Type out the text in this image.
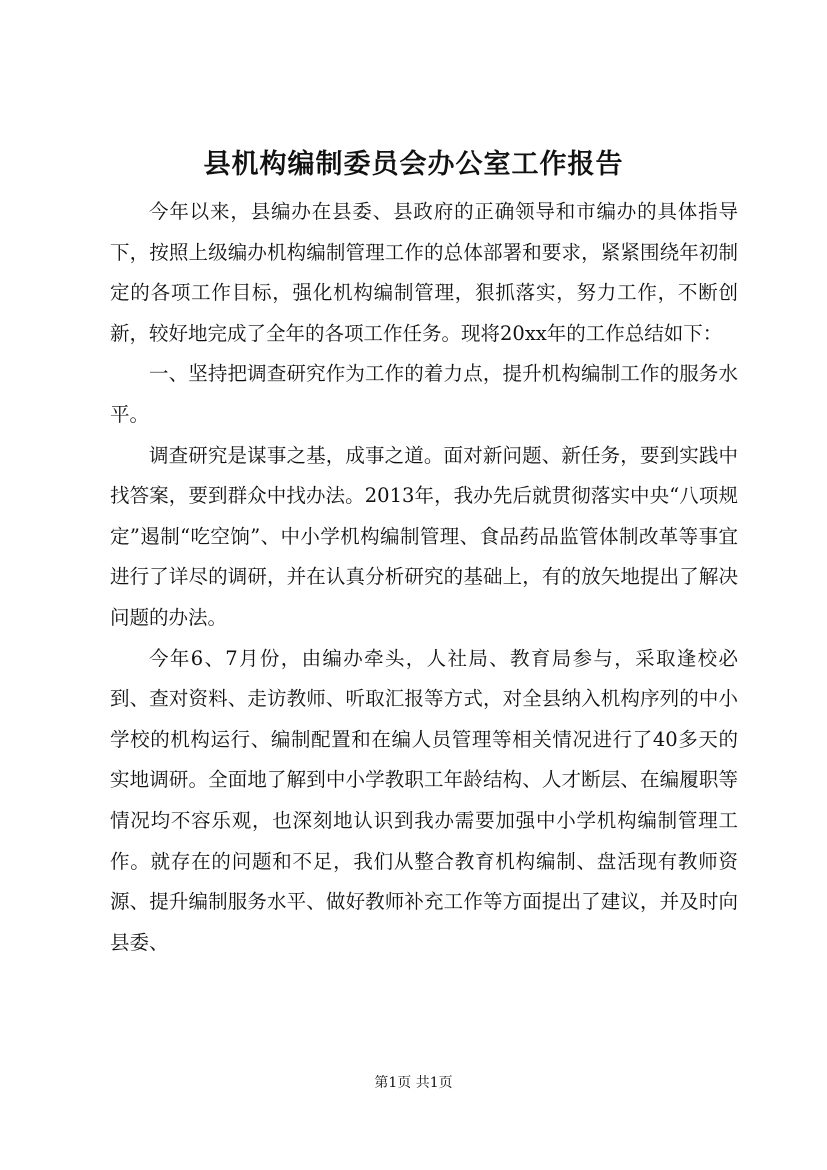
县机构编制委员会办公室工作报告

今年以来，县编办在县委、县政府的正确领导和市编办的具体指导下，按照上级编办机构编制管理工作的总体部署和要求，紧紧围绕年初制定的各项工作目标，强化机构编制管理，狠抓落实，努力工作，不断创新，较好地完成了全年的各项工作任务。现将20xx年的工作总结如下：

一、坚持把调查研究作为工作的着力点，提升机构编制工作的服务水平。

调查研究是谋事之基，成事之道。面对新问题、新任务，要到实践中找答案，要到群众中找办法。2013年，我办先后就贯彻落实中央“八项规定”遏制“吃空饷”、中小学机构编制管理、食品药品监管体制改革等事宜进行了详尽的调研，并在认真分析研究的基础上，有的放矢地提出了解决问题的办法。

今年6、7月份，由编办牵头，人社局、教育局参与，采取逢校必到、查对资料、走访教师、听取汇报等方式，对全县纳入机构序列的中小学校的机构运行、编制配置和在编人员管理等相关情况进行了40多天的实地调研。全面地了解到中小学教职工年龄结构、人才断层、在编履职等情况均不容乐观，也深刻地认识到我办需要加强中小学机构编制管理工作。就存在的问题和不足，我们从整合教育机构编制、盘活现有教师资源、提升编制服务水平、做好教师补充工作等方面提出了建议，并及时向县委、

第1页 共1页
